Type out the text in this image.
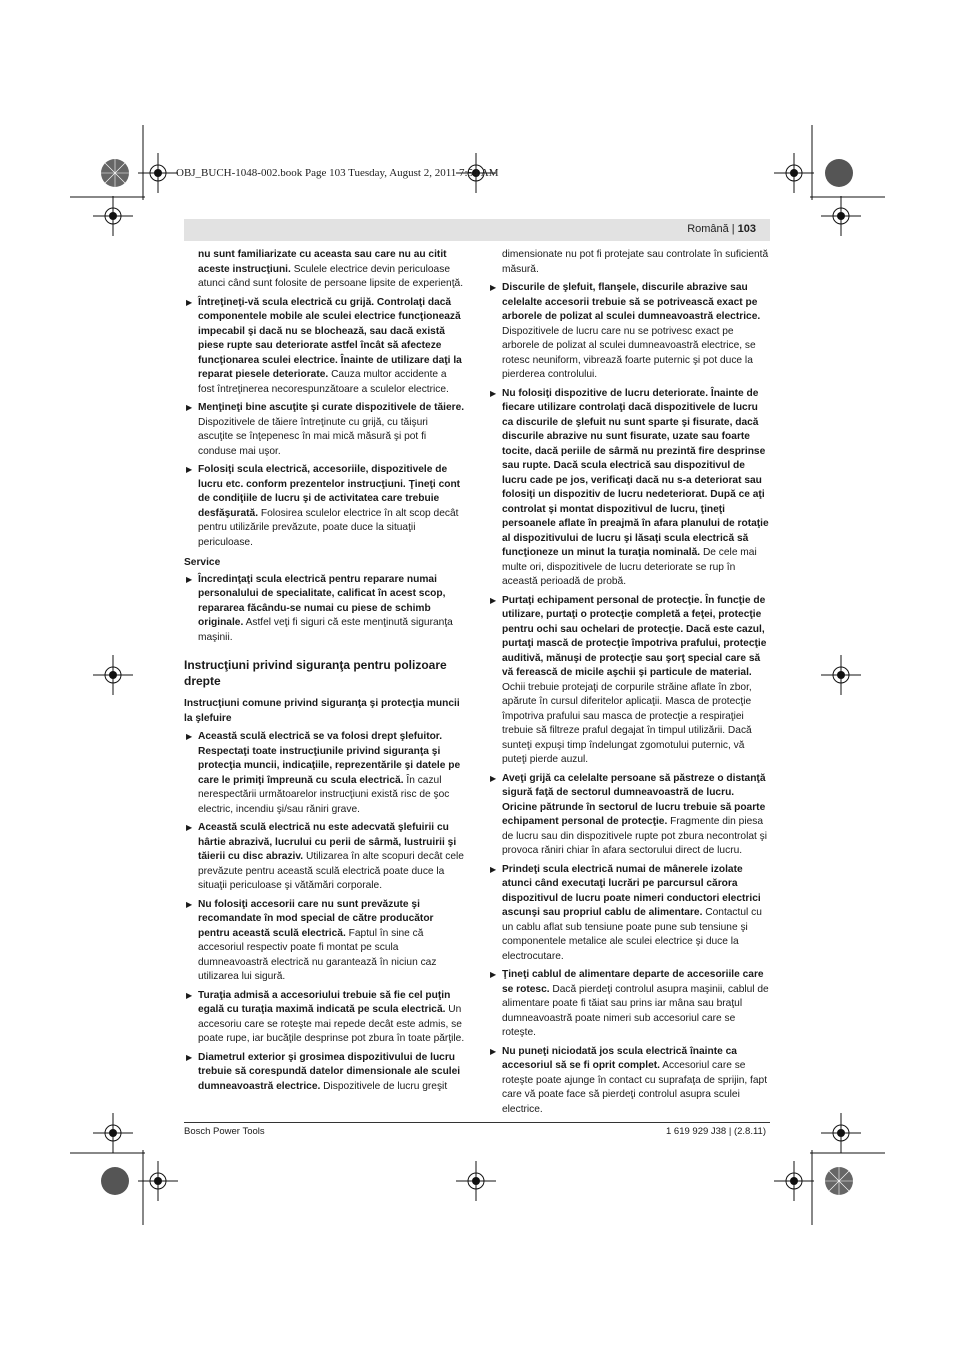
OBJ_BUCH-1048-002.book Page 103 Tuesday, August 2, 2011 7:54 AM
Română | 103
nu sunt familiarizate cu aceasta sau care nu au citit aceste instrucţiuni. Sculele electrice devin periculoase atunci când sunt folosite de persoane lipsite de experienţă.
▶ Întreţineţi-vă scula electrică cu grijă. Controlaţi dacă componentele mobile ale sculei electrice funcţionează impecabil şi dacă nu se blochează, sau dacă există piese rupte sau deteriorate astfel încât să afecteze funcţionarea sculei electrice. Înainte de utilizare daţi la reparat piesele deteriorate. Cauza multor accidente a fost întreţinerea necorespunzătoare a sculelor electrice.
▶ Menţineţi bine ascuţite şi curate dispozitivele de tăiere. Dispozitivele de tăiere întreţinute cu grijă, cu tăişuri ascuţite se înţepenesc în mai mică măsură şi pot fi conduse mai uşor.
▶ Folosiţi scula electrică, accesoriile, dispozitivele de lucru etc. conform prezentelor instrucţiuni. Ţineţi cont de condiţiile de lucru şi de activitatea care trebuie desfăşurată. Folosirea sculelor electrice în alt scop decât pentru utilizările prevăzute, poate duce la situaţii periculoase.
Service
▶ Încredinţaţi scula electrică pentru reparare numai personalului de specialitate, calificat în acest scop, repararea făcându-se numai cu piese de schimb originale. Astfel veţi fi siguri că este menţinută siguranţa maşinii.
Instrucţiuni privind siguranţa pentru polizoare drepte
Instrucţiuni comune privind siguranţa şi protecţia muncii la şlefuire
▶ Această sculă electrică se va folosi drept şlefuitor. Respectaţi toate instrucţiunile privind siguranţa şi protecţia muncii, indicaţiile, reprezentările şi datele pe care le primiţi împreună cu scula electrică. În cazul nerespectării următoarelor instrucţiuni există risc de şoc electric, incendiu şi/sau răniri grave.
▶ Această sculă electrică nu este adecvată şlefuirii cu hârtie abrazivă, lucrului cu perii de sârmă, lustruirii şi tăierii cu disc abraziv. Utilizarea în alte scopuri decât cele prevăzute pentru această sculă electrică poate duce la situaţii periculoase şi vătămări corporale.
▶ Nu folosiţi accesorii care nu sunt prevăzute şi recomandate în mod special de către producător pentru această sculă electrică. Faptul în sine că accesoriul respectiv poate fi montat pe scula dumneavoastră electrică nu garantează în niciun caz utilizarea lui sigură.
▶ Turaţia admisă a accesoriului trebuie să fie cel puţin egală cu turaţia maximă indicată pe scula electrică. Un accesoriu care se roteşte mai repede decât este admis, se poate rupe, iar bucăţile desprinse pot zbura în toate părţile.
▶ Diametrul exterior şi grosimea dispozitivului de lucru trebuie să corespundă datelor dimensionale ale sculei dumneavoastră electrice. Dispozitivele de lucru greşit
dimensionate nu pot fi protejate sau controlate în suficientă măsură.
▶ Discurile de şlefuit, flanşele, discurile abrazive sau celelalte accesorii trebuie să se potrivească exact pe arborele de polizat al sculei dumneavoastră electrice. Dispozitivele de lucru care nu se potrivesc exact pe arborele de polizat al sculei dumneavoastră electrice, se rotesc neuniform, vibrează foarte puternic şi pot duce la pierderea controlului.
▶ Nu folosiţi dispozitive de lucru deteriorate. Înainte de fiecare utilizare controlaţi dacă dispozitivele de lucru ca discurile de şlefuit nu sunt sparte şi fisurate, dacă discurile abrazive nu sunt fisurate, uzate sau foarte tocite, dacă periile de sârmă nu prezintă fire desprinse sau rupte. Dacă scula electrică sau dispozitivul de lucru cade pe jos, verificaţi dacă nu s-a deteriorat sau folosiţi un dispozitiv de lucru nedeteriorat. După ce aţi controlat şi montat dispozitivul de lucru, ţineţi persoanele aflate în preajmă în afara planului de rotaţie al dispozitivului de lucru şi lăsaţi scula electrică să funcţioneze un minut la turaţia nominală. De cele mai multe ori, dispozitivele de lucru deteriorate se rup în această perioadă de probă.
▶ Purtaţi echipament personal de protecţie. În funcţie de utilizare, purtaţi o protecţie completă a feţei, protecţie pentru ochi sau ochelari de protecţie. Dacă este cazul, purtaţi mască de protecţie împotriva prafului, protecţie auditivă, mănuşi de protecţie sau şorţ special care să vă ferească de micile aşchii şi particule de material. Ochii trebuie protejaţi de corpurile străine aflate în zbor, apărute în cursul diferitelor aplicaţii. Masca de protecţie împotriva prafului sau masca de protecţie a respiraţiei trebuie să filtreze praful degajat în timpul utilizării. Dacă sunteţi expuşi timp îndelungat zgomotului puternic, vă puteţi pierde auzul.
▶ Aveţi grijă ca celelalte persoane să păstreze o distanţă sigură faţă de sectorul dumneavoastră de lucru. Oricine pătrunde în sectorul de lucru trebuie să poarte echipament personal de protecţie. Fragmente din piesa de lucru sau din dispozitivele rupte pot zbura necontrolat şi provoca răniri chiar în afara sectorului direct de lucru.
▶ Prindeţi scula electrică numai de mânerele izolate atunci când executaţi lucrări pe parcursul cărora dispozitivul de lucru poate nimeri conductori electrici ascunşi sau propriul cablu de alimentare. Contactul cu un cablu aflat sub tensiune poate pune sub tensiune şi componentele metalice ale sculei electrice şi duce la electrocutare.
▶ Ţineţi cablul de alimentare departe de accesoriile care se rotesc. Dacă pierdeţi controlul asupra maşinii, cablul de alimentare poate fi tăiat sau prins iar mâna sau braţul dumneavoastră poate nimeri sub accesoriul care se roteşte.
▶ Nu puneţi niciodată jos scula electrică înainte ca accesoriul să se fi oprit complet. Accesoriul care se roteşte poate ajunge în contact cu suprafaţa de sprijin, fapt care vă poate face să pierdeţi controlul asupra sculei electrice.
Bosch Power Tools	1 619 929 J38 | (2.8.11)
